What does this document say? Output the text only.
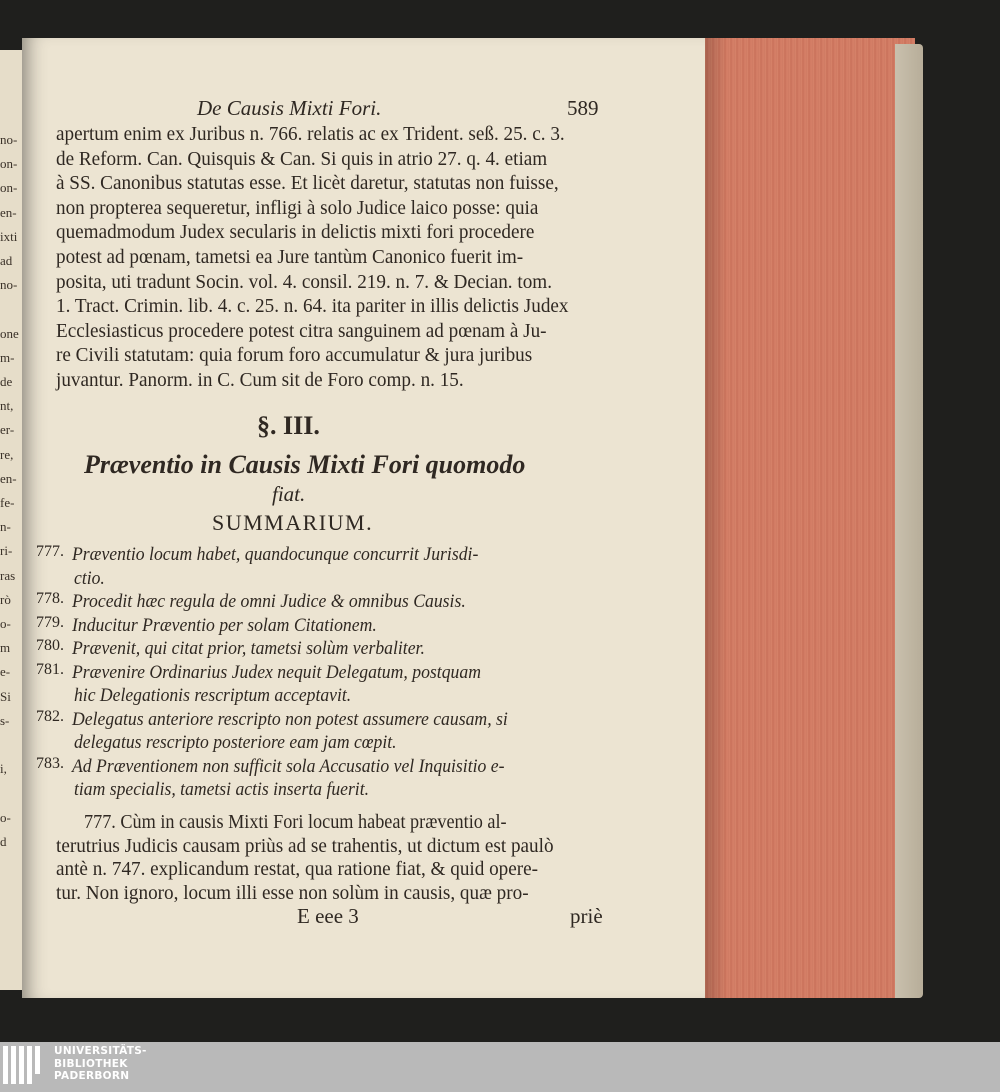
no-
on-
on-
en-
ixti
ad
no-
one
m-
de
nt,
er-
re,
en-
fe-
n-
ri-
ras
rò
o-
m
e-
Si
s-
i,
o-
d
De Causis Mixti Fori.	589
apertum enim ex Juribus n. 766. relatis ac ex Trident. seß. 25. c. 3.
de Reform. Can. Quisquis & Can. Si quis in atrio 27. q. 4. etiam
à SS. Canonibus statutas esse. Et licèt daretur, statutas non fuisse,
non propterea sequeretur, infligi à solo Judice laico posse: quia
quemadmodum Judex secularis in delictis mixti fori procedere
potest ad pœnam, tametsi ea Jure tantùm Canonico fuerit im-
posita, uti tradunt Socin. vol. 4. consil. 219. n. 7. & Decian. tom.
1. Tract. Crimin. lib. 4. c. 25. n. 64. ita pariter in illis delictis Judex
Ecclesiasticus procedere potest citra sanguinem ad pœnam à Ju-
re Civili statutam: quia forum foro accumulatur & jura juribus
juvantur. Panorm. in C. Cum sit de Foro comp. n. 15.
§. III.
Præventio in Causis Mixti Fori quomodo
fiat.
SUMMARIUM.
777. Præventio locum habet, quandocunque concurrit Jurisdi-
ctio.
778. Procedit hæc regula de omni Judice & omnibus Causis.
779. Inducitur Præventio per solam Citationem.
780. Prævenit, qui citat prior, tametsi solùm verbaliter.
781. Prævenire Ordinarius Judex nequit Delegatum, postquam
hic Delegationis rescriptum acceptavit.
782. Delegatus anteriore rescripto non potest assumere causam, si
delegatus rescripto posteriore eam jam cœpit.
783. Ad Præventionem non sufficit sola Accusatio vel Inquisitio e-
tiam specialis, tametsi actis inserta fuerit.
777. Cùm in causis Mixti Fori locum habeat præventio al-
terutrius Judicis causam priùs ad se trahentis, ut dictum est paulò
antè n. 747. explicandum restat, qua ratione fiat, & quid opere-
tur. Non ignoro, locum illi esse non solùm in causis, quæ pro-
E eee 3	priè
UNIVERSITÄTS-
BIBLIOTHEK
PADERBORN
